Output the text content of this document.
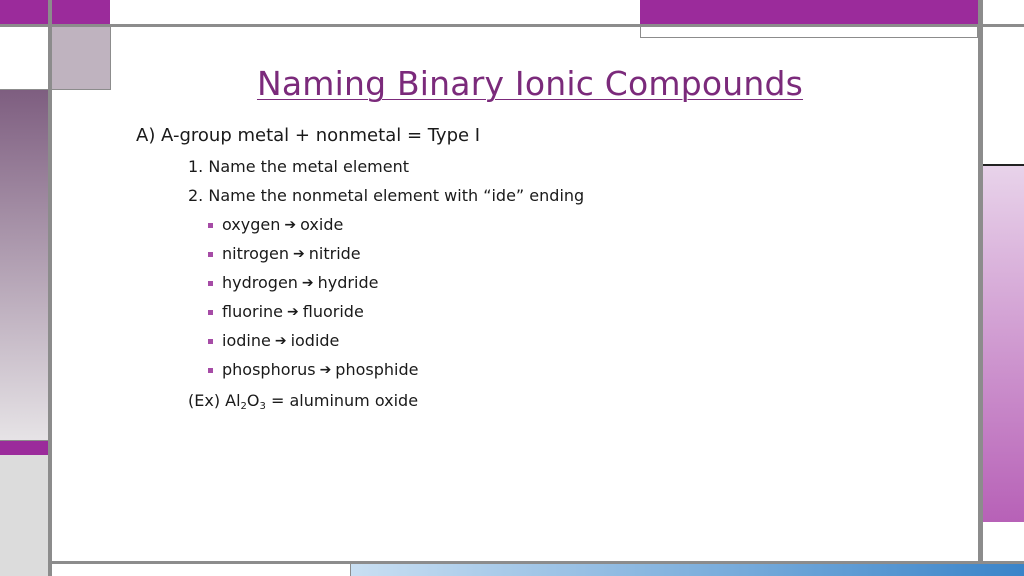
Naming Binary Ionic Compounds
A) A-group metal + nonmetal = Type I
1. Name the metal element
2. Name the nonmetal element with “ide” ending
oxygen ➔ oxide
nitrogen ➔ nitride
hydrogen ➔ hydride
fluorine ➔ fluoride
iodine ➔ iodide
phosphorus ➔ phosphide
(Ex) $Al_2O_3$ = aluminum oxide
